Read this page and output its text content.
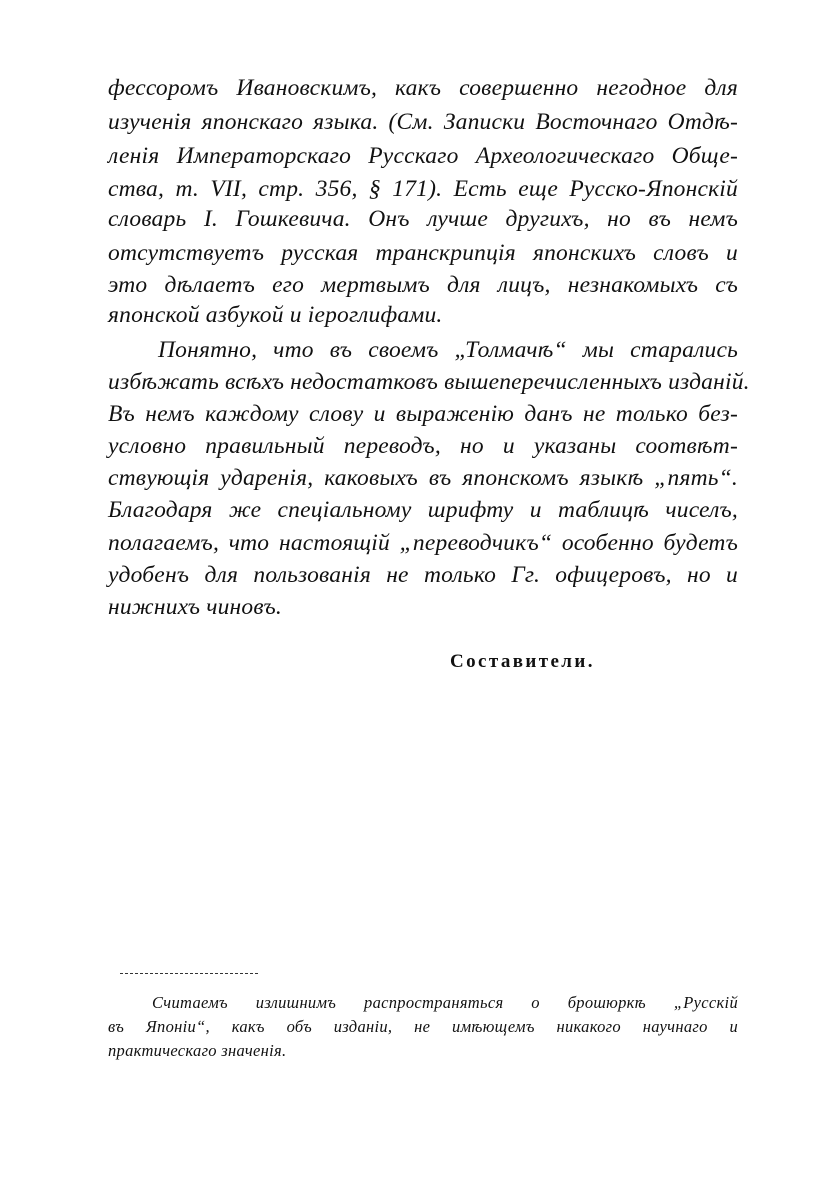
фессоромъ Ивановскимъ, какъ совершенно негодное для
изученія японскаго языка. (См. Записки Восточнаго Отдѣ-
ленія Императорскаго Русскаго Археологическаго Обще-
ства, т. VII, стр. 356, § 171). Есть еще Русско-Японскій
словарь І. Гошкевича. Онъ лучше другихъ, но въ немъ
отсутствуетъ русская транскрипція японскихъ словъ и
это дѣлаетъ его мертвымъ для лицъ, незнакомыхъ съ
японской азбукой и іероглифами.
Понятно, что въ своемъ „Толмачѣ“ мы старались
избѣжать всѣхъ недостатковъ вышеперечисленныхъ изданій.
Въ немъ каждому слову и выраженію данъ не только без-
условно правильный переводъ, но и указаны соотвѣт-
ствующія ударенія, каковыхъ въ японскомъ языкѣ „пять“.
Благодаря же спеціальному шрифту и таблицѣ чиселъ,
полагаемъ, что настоящій „переводчикъ“ особенно будетъ
удобенъ для пользованія не только Гг. офицеровъ, но и
нижнихъ чиновъ.
Составители.
Считаемъ излишнимъ распространяться о брошюркѣ „Русскій
въ Японіи“, какъ объ изданіи, не имѣющемъ никакого научнаго и
практическаго значенія.
